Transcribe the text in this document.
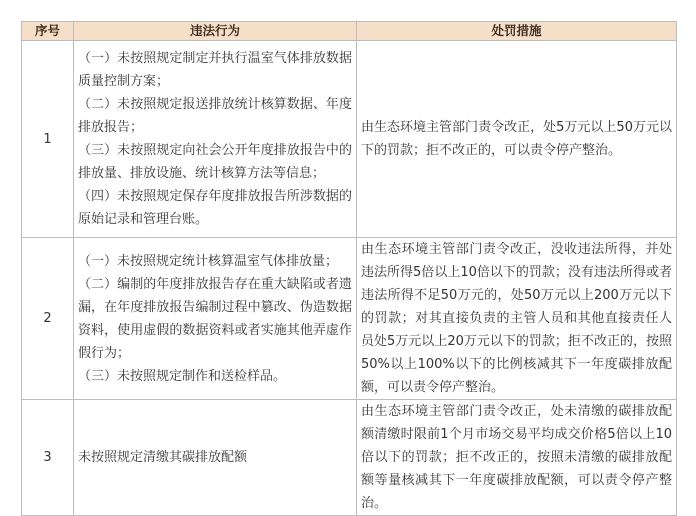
序号	违法行为	处罚措施
1	（一）未按照规定制定并执行温室气体排放数据质量控制方案；
（二）未按照规定报送排放统计核算数据、年度排放报告；
（三）未按照规定向社会公开年度排放报告中的排放量、排放设施、统计核算方法等信息；
（四）未按照规定保存年度排放报告所涉数据的原始记录和管理台账。	由生态环境主管部门责令改正，处5万元以上50万元以下的罚款；拒不改正的，可以责令停产整治。
2	（一）未按照规定统计核算温室气体排放量；
（二）编制的年度排放报告存在重大缺陷或者遗漏，在年度排放报告编制过程中篡改、伪造数据资料，使用虚假的数据资料或者实施其他弄虚作假行为；
（三）未按照规定制作和送检样品。	由生态环境主管部门责令改正，没收违法所得，并处违法所得5倍以上10倍以下的罚款；没有违法所得或者违法所得不足50万元的，处50万元以上200万元以下的罚款；对其直接负责的主管人员和其他直接责任人员处5万元以上20万元以下的罚款；拒不改正的，按照50%以上100%以下的比例核减其下一年度碳排放配额，可以责令停产整治。
3	未按照规定清缴其碳排放配额	由生态环境主管部门责令改正，处未清缴的碳排放配额清缴时限前1个月市场交易平均成交价格5倍以上10倍以下的罚款；拒不改正的，按照未清缴的碳排放配额等量核减其下一年度碳排放配额，可以责令停产整治。
